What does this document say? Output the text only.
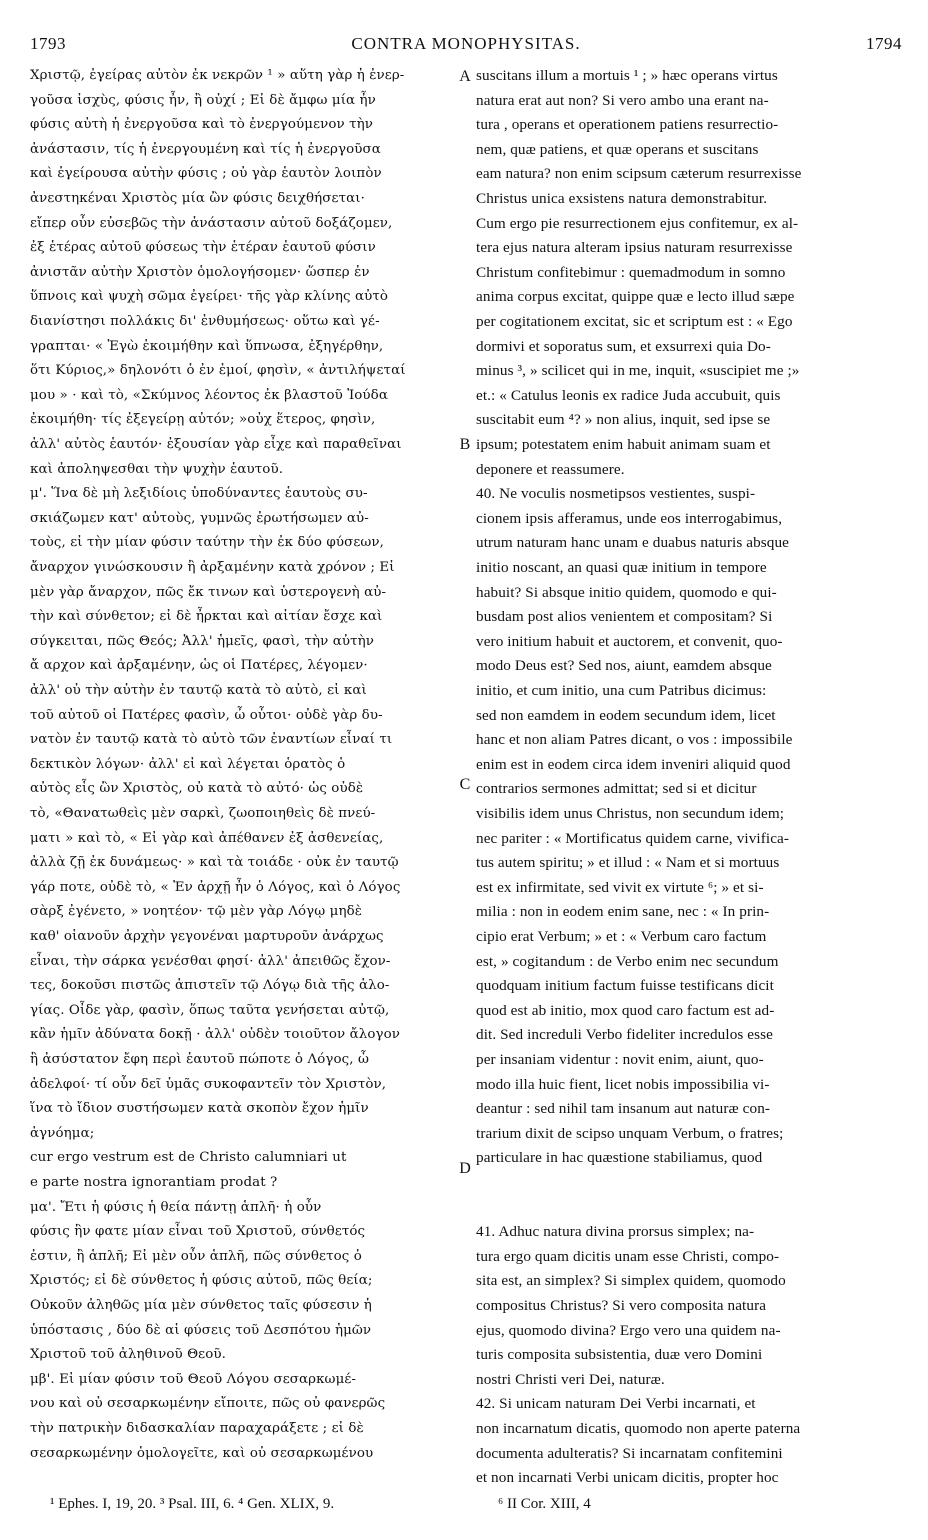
1793	CONTRA MONOPHYSITAS.	1794
Χριστῷ, ἐγείρας αὐτὸν ἐκ νεκρῶν ¹ » αὕτη γὰρ ἡ ἐνερ-
γοῦσα ἰσχὺς, φύσις ἦν, ἢ οὐχί ; Εἰ δὲ ἄμφω μία ἦν
φύσις αὐτὴ ἡ ἐνεργοῦσα καὶ τὸ ἐνεργούμενον τὴν
ἀνάστασιν, τίς ἡ ἐνεργουμένη καὶ τίς ἡ ἐνεργοῦσα
καὶ ἐγείρουσα αὐτὴν φύσις ; οὐ γὰρ ἑαυτὸν λοιπὸν
ἀνεστηκέναι Χριστὸς μία ὢν φύσις δειχθήσεται·
εἴπερ οὖν εὐσεβῶς τὴν ἀνάστασιν αὐτοῦ δοξάζομεν,
ἐξ ἑτέρας αὐτοῦ φύσεως τὴν ἑτέραν ἑαυτοῦ φύσιν
ἀνιστᾶν αὐτὴν Χριστὸν ὁμολογήσομεν· ὥσπερ ἐν
ὕπνοις καὶ ψυχὴ σῶμα ἐγείρει· τῆς γὰρ κλίνης αὐτὸ
διανίστησι πολλάκις δι' ἐνθυμήσεως· οὕτω καὶ γέ-
γραπται· « Ἐγὼ ἐκοιμήθην καὶ ὕπνωσα, ἐξηγέρθην,
ὅτι Κύριος,» δηλονότι ὁ ἐν ἐμοί, φησὶν, « ἀντιλήψεταί
μου » · καὶ τὸ, «Σκύμνος λέοντος ἐκ βλαστοῦ Ἰούδα
ἐκοιμήθη· τίς ἐξεγείρῃ αὐτόν; »οὐχ ἕτερος, φησὶν,
ἀλλ' αὐτὸς ἑαυτόν· ἐξουσίαν γὰρ εἶχε καὶ παραθεῖναι
καὶ ἀποληψεσθαι τὴν ψυχὴν ἑαυτοῦ.
μ'. Ἵνα δὲ μὴ λεξιδίοις ὑποδύναντες ἑαυτοὺς συ-
σκιάζωμεν κατ' αὐτοὺς, γυμνῶς ἐρωτήσωμεν αὐ-
τοὺς, εἰ τὴν μίαν φύσιν ταύτην τὴν ἐκ δύο φύσεων,
ἄναρχον γινώσκουσιν ἢ ἀρξαμένην κατὰ χρόνον ; Εἰ
μὲν γὰρ ἄναρχον, πῶς ἔκ τινων καὶ ὑστερογενὴ αὐ-
τὴν καὶ σύνθετον; εἰ δὲ ἦρκται καὶ αἰτίαν ἔσχε καὶ
σύγκειται, πῶς Θεός; Ἀλλ' ἡμεῖς, φασὶ, τὴν αὐτὴν
ἄ αρχον καὶ ἀρξαμένην, ὡς οἱ Πατέρες, λέγομεν·
ἀλλ' οὐ τὴν αὐτὴν ἐν ταυτῷ κατὰ τὸ αὐτὸ, εἰ καὶ
τοῦ αὐτοῦ οἱ Πατέρες φασὶν, ὦ οὗτοι· οὐδὲ γὰρ δυ-
νατὸν ἐν ταυτῷ κατὰ τὸ αὐτὸ τῶν ἐναντίων εἶναί τι
δεκτικὸν λόγων· ἀλλ' εἰ καὶ λέγεται ὁρατὸς ὁ
αὐτὸς εἷς ὢν Χριστὸς, οὐ κατὰ τὸ αὐτό· ὡς οὐδὲ
τὸ, «Θανατωθεὶς μὲν σαρκὶ, ζωοποιηθεὶς δὲ πνεύ-
ματι » καὶ τὸ, « Εἰ γὰρ καὶ ἀπέθανεν ἐξ ἀσθενείας,
ἀλλὰ ζῇ ἐκ δυνάμεως· » καὶ τὰ τοιάδε · οὐκ ἐν ταυτῷ
γάρ ποτε, οὐδὲ τὸ, « Ἐν ἀρχῇ ἦν ὁ Λόγος, καὶ ὁ Λόγος
σὰρξ ἐγένετο, » νοητέον· τῷ μὲν γὰρ Λόγῳ μηδὲ
καθ' οἱανοῦν ἀρχὴν γεγονέναι μαρτυροῦν ἀνάρχως
εἶναι, τὴν σάρκα γενέσθαι φησί· ἀλλ' ἀπειθῶς ἔχον-
τες, δοκοῦσι πιστῶς ἀπιστεῖν τῷ Λόγῳ διὰ τῆς ἀλο-
γίας. Οἶδε γὰρ, φασὶν, ὅπως ταῦτα γενήσεται αὐτῷ,
κἂν ἡμῖν ἀδύνατα δοκῇ · ἀλλ' οὐδὲν τοιοῦτον ἄλογον
ἢ ἀσύστατον ἔφη περὶ ἑαυτοῦ πώποτε ὁ Λόγος, ὦ
ἀδελφοί· τί οὖν δεῖ ὑμᾶς συκοφαντεῖν τὸν Χριστὸν,
ἵνα τὸ ἴδιον συστήσωμεν κατὰ σκοπὸν ἔχον ἡμῖν
ἀγνόημα;
cur ergo vestrum est de Christo calumniari ut
e parte nostra ignorantiam prodat ?
μα'. Ἔτι ἡ φύσις ἡ θεία πάντῃ ἁπλῆ· ἡ οὖν
φύσις ἣν φατε μίαν εἶναι τοῦ Χριστοῦ, σύνθετός
ἐστιν, ἢ ἁπλῆ; Εἰ μὲν οὖν ἁπλῆ, πῶς σύνθετος ὁ
Χριστός; εἰ δὲ σύνθετος ἡ φύσις αὐτοῦ, πῶς θεία;
Οὐκοῦν ἀληθῶς μία μὲν σύνθετος ταῖς φύσεσιν ἡ
ὑπόστασις , δύο δὲ αἱ φύσεις τοῦ Δεσπότου ἡμῶν
Χριστοῦ τοῦ ἀληθινοῦ Θεοῦ.
μβ'. Εἰ μίαν φύσιν τοῦ Θεοῦ Λόγου σεσαρκωμέ-
νου καὶ οὐ σεσαρκωμένην εἴποιτε, πῶς οὐ φανερῶς
τὴν πατρικὴν διδασκαλίαν παραχαράξετε ; εἰ δὲ
σεσαρκωμένην ὁμολογεῖτε, καὶ οὐ σεσαρκωμένου
suscitans illum a mortuis ¹ ; » hæc operans virtus
natura erat aut non? Si vero ambo una erant na-
tura , operans et operationem patiens resurrectio-
nem, quæ patiens, et quæ operans et suscitans
eam natura? non enim scipsum cæterum resurrexisse
Christus unica exsistens natura demonstrabitur.
Cum ergo pie resurrectionem ejus confitemur, ex al-
tera ejus natura alteram ipsius naturam resurrexisse
Christum confitebimur : quemadmodum in somno
anima corpus excitat, quippe quæ e lecto illud sæpe
per cogitationem excitat, sic et scriptum est : « Ego
dormivi et soporatus sum, et exsurrexi quia Do-
minus ³, » scilicet qui in me, inquit, «suscipiet me ;»
et.: « Catulus leonis ex radice Juda accubuit, quis
suscitabit eum ⁴? » non alius, inquit, sed ipse se
ipsum; potestatem enim habuit animam suam et
deponere et reassumere.
40. Ne voculis nosmetipsos vestientes, suspi-
cionem ipsis afferamus, unde eos interrogabimus,
utrum naturam hanc unam e duabus naturis absque
initio noscant, an quasi quæ initium in tempore
habuit? Si absque initio quidem, quomodo e qui-
busdam post alios venientem et compositam? Si
vero initium habuit et auctorem, et convenit, quo-
modo Deus est? Sed nos, aiunt, eamdem absque
initio, et cum initio, una cum Patribus dicimus:
sed non eamdem in eodem secundum idem, licet
hanc et non aliam Patres dicant, o vos : impossibile
enim est in eodem circa idem inveniri aliquid quod
contrarios sermones admittat; sed si et dicitur
visibilis idem unus Christus, non secundum idem;
nec pariter : « Mortificatus quidem carne, vivifica-
tus autem spiritu; » et illud : « Nam et si mortuus
est ex infirmitate, sed vivit ex virtute ⁶; » et si-
milia : non in eodem enim sane, nec : « In prin-
cipio erat Verbum; » et : « Verbum caro factum
est, » cogitandum : de Verbo enim nec secundum
quodquam initium factum fuisse testificans dicit
quod est ab initio, mox quod caro factum est ad-
dit. Sed increduli Verbo fideliter incredulos esse
per insaniam videntur : novit enim, aiunt, quo-
modo illa huic fient, licet nobis impossibilia vi-
deantur : sed nihil tam insanum aut naturæ con-
trarium dixit de scipso unquam Verbum, o fratres;
particulare in hac quæstione stabiliamus, quod
41. Adhuc natura divina prorsus simplex; na-
tura ergo quam dicitis unam esse Christi, compo-
sita est, an simplex? Si simplex quidem, quomodo
compositus Christus? Si vero composita natura
ejus, quomodo divina? Ergo vero una quidem na-
turis composita subsistentia, duæ vero Domini
nostri Christi veri Dei, naturæ.
42. Si unicam naturam Dei Verbi incarnati, et
non incarnatum dicatis, quomodo non aperte paterna
documenta adulteratis? Si incarnatam confitemini
et non incarnati Verbi unicam dicitis, propter hoc
A
B
C
D
¹ Ephes. I, 19, 20. ³ Psal. III, 6. ⁴ Gen. XLIX, 9.	⁶ II Cor. XIII, 4
